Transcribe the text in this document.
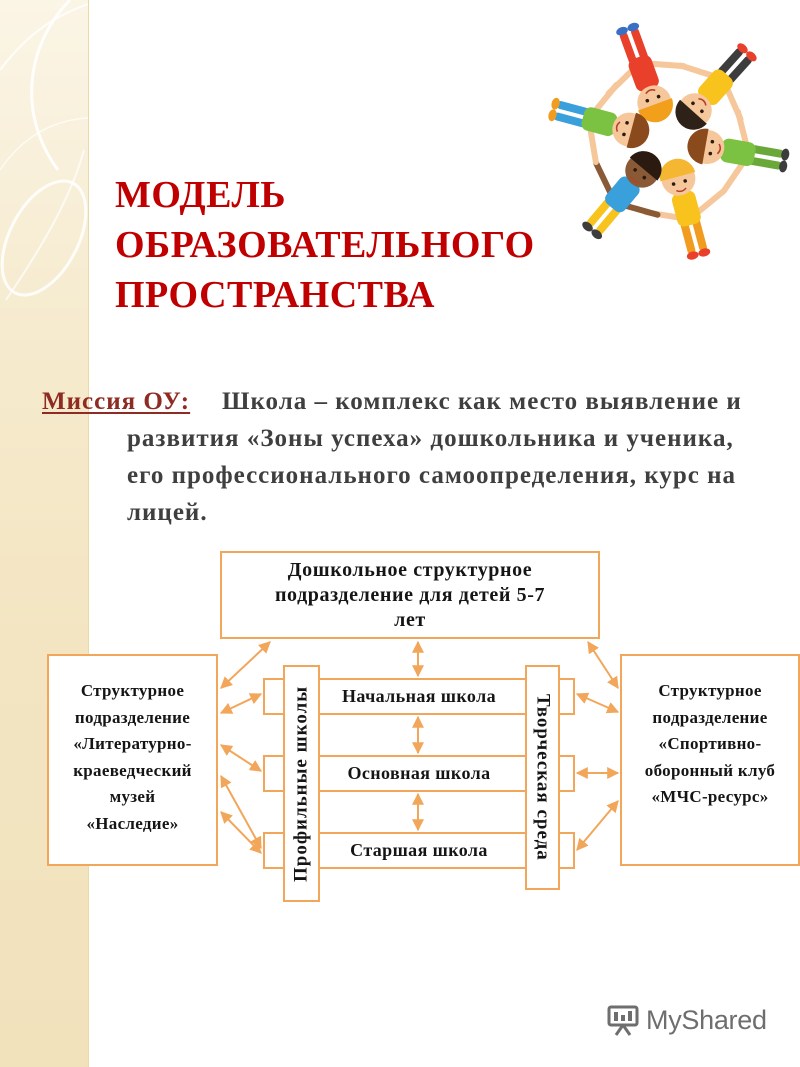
МОДЕЛЬ
ОБРАЗОВАТЕЛЬНОГО
ПРОСТРАНСТВА
Миссия ОУ: Школа – комплекс как место выявление и
развития «Зоны успеха» дошкольника и ученика,
его профессионального самоопределения, курс на
лицей.
Дошкольное структурное
подразделение для детей 5-7
лет
Структурное
подразделение
«Литературно-
краеведческий
музей
«Наследие»
Структурное
подразделение
«Спортивно-
оборонный клуб
«МЧС-ресурс»
Начальная школа
Основная школа
Старшая школа
Профильные школы	Творческая среда
MyShared
